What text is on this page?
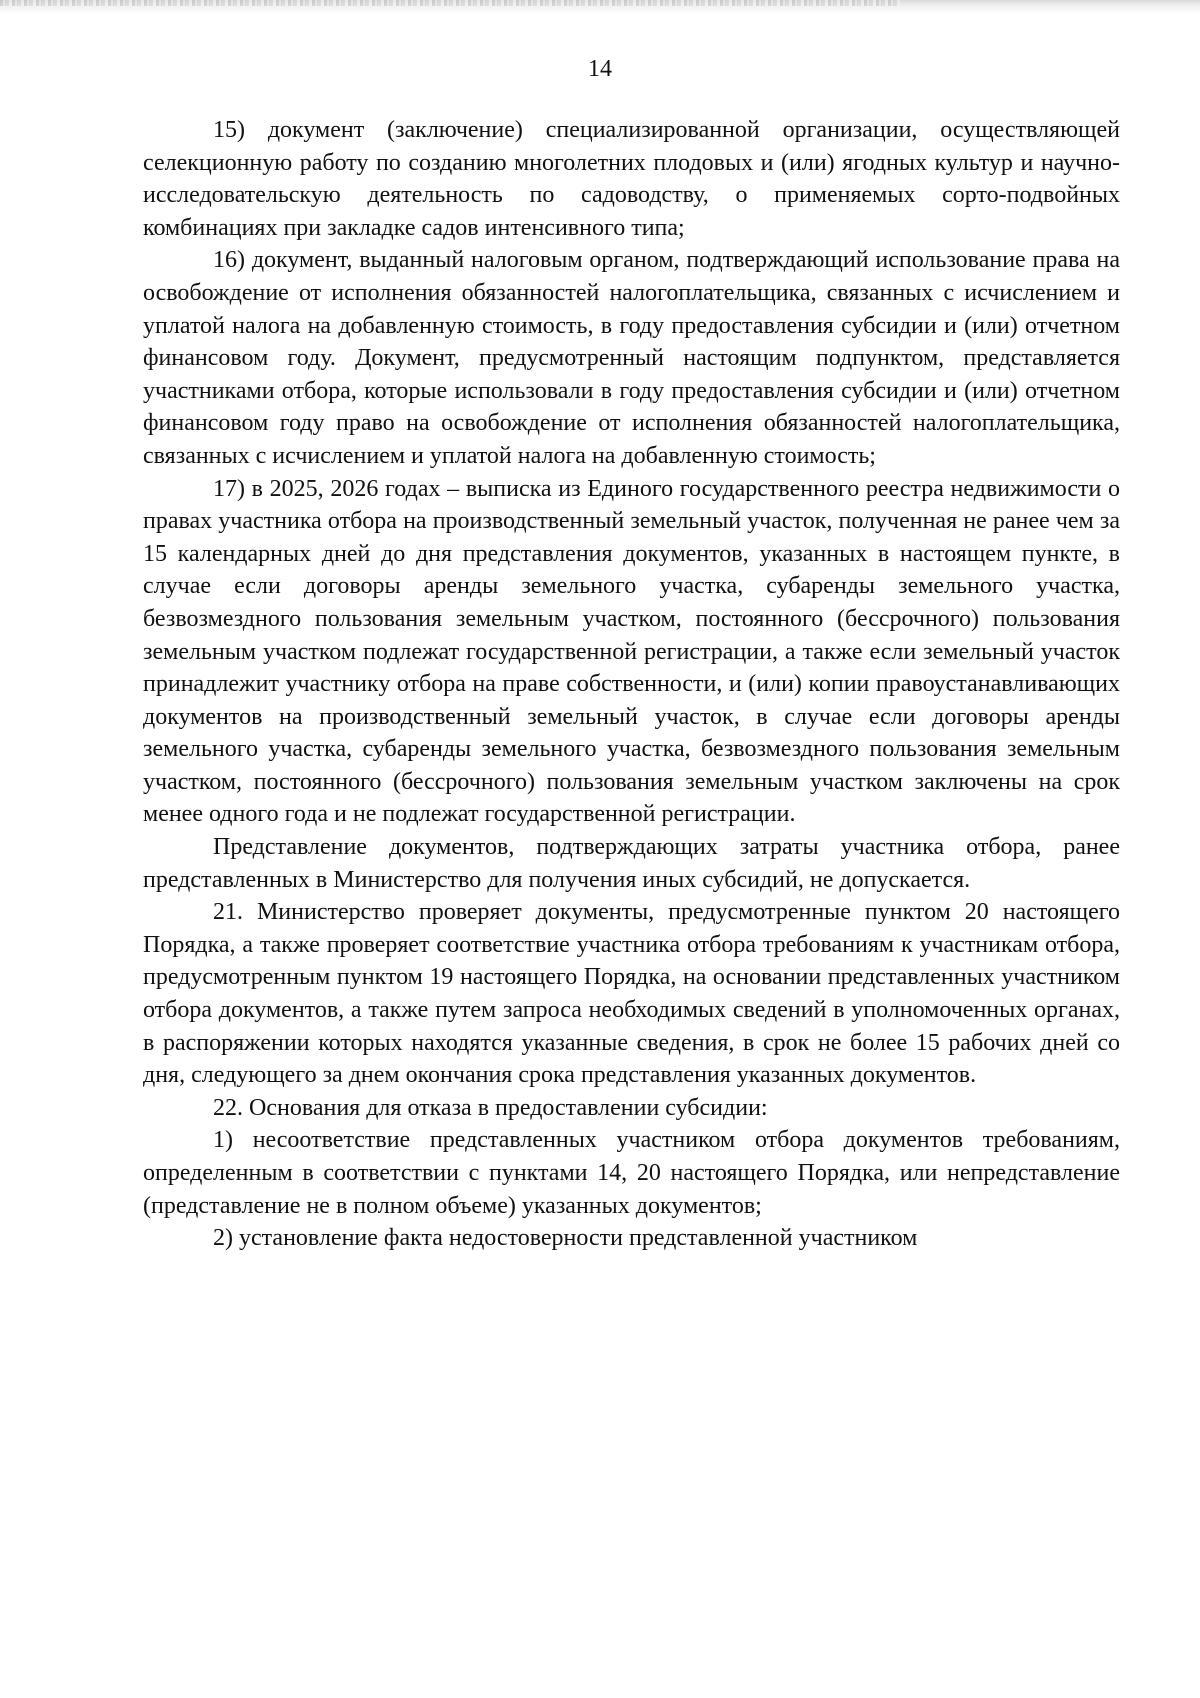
14

15) документ (заключение) специализированной организации, осуществляющей селекционную работу по созданию многолетних плодовых и (или) ягодных культур и научно-исследовательскую деятельность по садоводству, о применяемых сорто-подвойных комбинациях при закладке садов интенсивного типа;

16) документ, выданный налоговым органом, подтверждающий использование права на освобождение от исполнения обязанностей налогоплательщика, связанных с исчислением и уплатой налога на добавленную стоимость, в году предоставления субсидии и (или) отчетном финансовом году. Документ, предусмотренный настоящим подпунктом, представляется участниками отбора, которые использовали в году предоставления субсидии и (или) отчетном финансовом году право на освобождение от исполнения обязанностей налогоплательщика, связанных с исчислением и уплатой налога на добавленную стоимость;

17) в 2025, 2026 годах – выписка из Единого государственного реестра недвижимости о правах участника отбора на производственный земельный участок, полученная не ранее чем за 15 календарных дней до дня представления документов, указанных в настоящем пункте, в случае если договоры аренды земельного участка, субаренды земельного участка, безвозмездного пользования земельным участком, постоянного (бессрочного) пользования земельным участком подлежат государственной регистрации, а также если земельный участок принадлежит участнику отбора на праве собственности, и (или) копии правоустанавливающих документов на производственный земельный участок, в случае если договоры аренды земельного участка, субаренды земельного участка, безвозмездного пользования земельным участком, постоянного (бессрочного) пользования земельным участком заключены на срок менее одного года и не подлежат государственной регистрации.

Представление документов, подтверждающих затраты участника отбора, ранее представленных в Министерство для получения иных субсидий, не допускается.

21. Министерство проверяет документы, предусмотренные пунктом 20 настоящего Порядка, а также проверяет соответствие участника отбора требованиям к участникам отбора, предусмотренным пунктом 19 настоящего Порядка, на основании представленных участником отбора документов, а также путем запроса необходимых сведений в уполномоченных органах, в распоряжении которых находятся указанные сведения, в срок не более 15 рабочих дней со дня, следующего за днем окончания срока представления указанных документов.

22. Основания для отказа в предоставлении субсидии:

1) несоответствие представленных участником отбора документов требованиям, определенным в соответствии с пунктами 14, 20 настоящего Порядка, или непредставление (представление не в полном объеме) указанных документов;

2) установление факта недостоверности представленной участником
